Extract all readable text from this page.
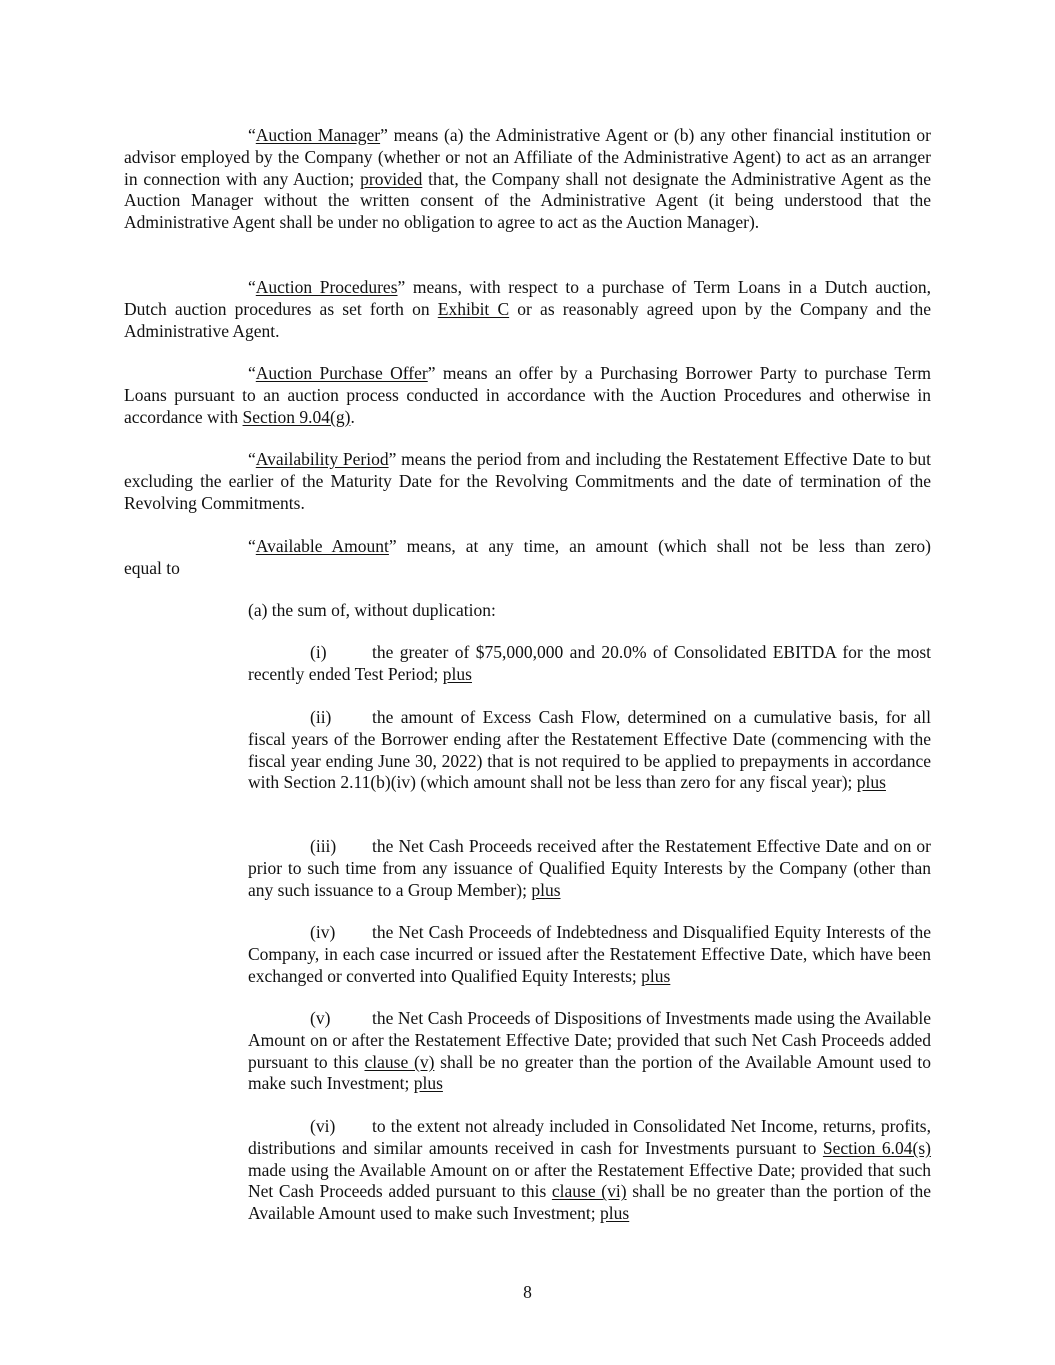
“Auction Manager” means (a) the Administrative Agent or (b) any other financial institution or advisor employed by the Company (whether or not an Affiliate of the Administrative Agent) to act as an arranger in connection with any Auction; provided that, the Company shall not designate the Administrative Agent as the Auction Manager without the written consent of the Administrative Agent (it being understood that the Administrative Agent shall be under no obligation to agree to act as the Auction Manager).

“Auction Procedures” means, with respect to a purchase of Term Loans in a Dutch auction, Dutch auction procedures as set forth on Exhibit C or as reasonably agreed upon by the Company and the Administrative Agent.

“Auction Purchase Offer” means an offer by a Purchasing Borrower Party to purchase Term Loans pursuant to an auction process conducted in accordance with the Auction Procedures and otherwise in accordance with Section 9.04(g).

“Availability Period” means the period from and including the Restatement Effective Date to but excluding the earlier of the Maturity Date for the Revolving Commitments and the date of termination of the Revolving Commitments.

“Available Amount” means, at any time, an amount (which shall not be less than zero)

equal to

(a) the sum of, without duplication:

(i)	the greater of $75,000,000 and 20.0% of Consolidated EBITDA for the most recently ended Test Period; plus

(ii) the amount of Excess Cash Flow, determined on a cumulative basis, for all fiscal years of the Borrower ending after the Restatement Effective Date (commencing with the fiscal year ending June 30, 2022) that is not required to be applied to prepayments in accordance with Section 2.11(b)(iv) (which amount shall not be less than zero for any fiscal year); plus

(iii) the Net Cash Proceeds received after the Restatement Effective Date and on or prior to such time from any issuance of Qualified Equity Interests by the Company (other than any such issuance to a Group Member); plus

(iv) the Net Cash Proceeds of Indebtedness and Disqualified Equity Interests of the Company, in each case incurred or issued after the Restatement Effective Date, which have been exchanged or converted into Qualified Equity Interests; plus

(v) the Net Cash Proceeds of Dispositions of Investments made using the Available Amount on or after the Restatement Effective Date; provided that such Net Cash Proceeds added pursuant to this clause (v) shall be no greater than the portion of the Available Amount used to make such Investment; plus

(vi) to the extent not already included in Consolidated Net Income, returns, profits, distributions and similar amounts received in cash for Investments pursuant to Section 6.04(s) made using the Available Amount on or after the Restatement Effective Date; provided that such Net Cash Proceeds added pursuant to this clause (vi) shall be no greater than the portion of the Available Amount used to make such Investment; plus

8
